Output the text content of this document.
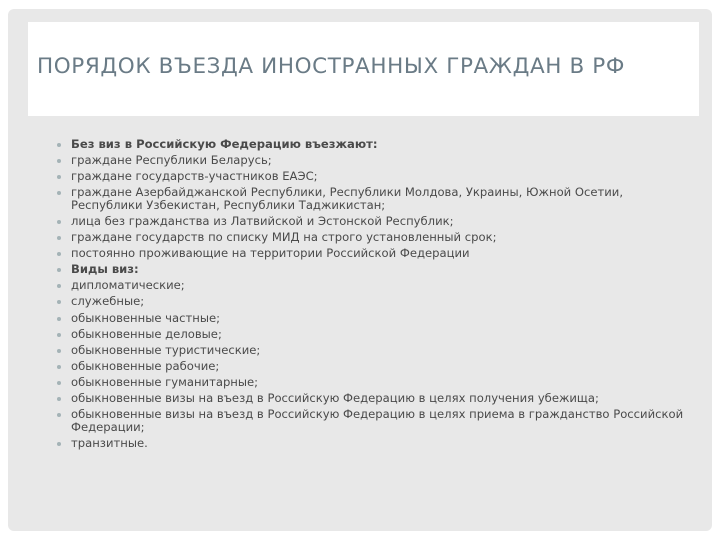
ПОРЯДОК ВЪЕЗДА ИНОСТРАННЫХ ГРАЖДАН В РФ
Без виз в Российскую Федерацию въезжают:
граждане Республики Беларусь;
граждане государств-участников ЕАЭС;
граждане Азербайджанской Республики, Республики Молдова, Украины, Южной Осетии, Республики Узбекистан, Республики Таджикистан;
лица без гражданства из Латвийской и Эстонской Республик;
граждане государств по списку МИД на строго установленный срок;
постоянно проживающие на территории Российской Федерации
Виды виз:
дипломатические;
служебные;
обыкновенные частные;
обыкновенные деловые;
обыкновенные туристические;
обыкновенные рабочие;
обыкновенные гуманитарные;
обыкновенные визы на въезд в Российскую Федерацию в целях получения убежища;
обыкновенные визы на въезд в Российскую Федерацию в целях приема в гражданство Российской Федерации;
транзитные.
